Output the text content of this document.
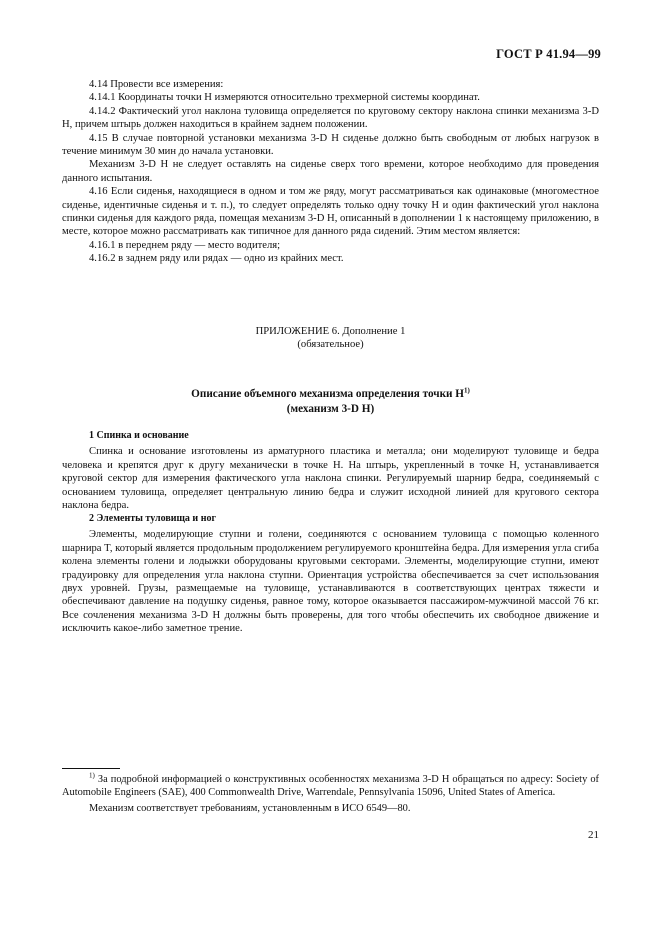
ГОСТ Р 41.94—99

4.14 Провести все измерения:

4.14.1 Координаты точки H измеряются относительно трехмерной системы координат.

4.14.2 Фактический угол наклона туловища определяется по круговому сектору наклона спинки механизма 3-D H, причем штырь должен находиться в крайнем заднем положении.

4.15 В случае повторной установки механизма 3-D H сиденье должно быть свободным от любых нагрузок в течение минимум 30 мин до начала установки.

Механизм 3-D H не следует оставлять на сиденье сверх того времени, которое необходимо для проведения данного испытания.

4.16 Если сиденья, находящиеся в одном и том же ряду, могут рассматриваться как одинаковые (многоместное сиденье, идентичные сиденья и т. п.), то следует определять только одну точку H и один фактический угол наклона спинки сиденья для каждого ряда, помещая механизм 3-D H, описанный в дополнении 1 к настоящему приложению, в месте, которое можно рассматривать как типичное для данного ряда сидений. Этим местом является:

4.16.1 в переднем ряду — место водителя;

4.16.2 в заднем ряду или рядах — одно из крайних мест.

ПРИЛОЖЕНИЕ 6. Дополнение 1
(обязательное)
Описание объемного механизма определения точки $H^{1)}$
(механизм 3-D H)

1 Спинка и основание

Спинка и основание изготовлены из арматурного пластика и металла; они моделируют туловище и бедра человека и крепятся друг к другу механически в точке H. На штырь, укрепленный в точке H, устанавливается круговой сектор для измерения фактического угла наклона спинки. Регулируемый шарнир бедра, соединяемый с основанием туловища, определяет центральную линию бедра и служит исходной линией для кругового сектора наклона бедра.

2 Элементы туловища и ног

Элементы, моделирующие ступни и голени, соединяются с основанием туловища с помощью коленного шарнира T, который является продольным продолжением регулируемого кронштейна бедра. Для измерения угла сгиба колена элементы голени и лодыжки оборудованы круговыми секторами. Элементы, моделирующие ступни, имеют градуировку для определения угла наклона ступни. Ориентация устройства обеспечивается за счет использования двух уровней. Грузы, размещаемые на туловище, устанавливаются в соответствующих центрах тяжести и обеспечивают давление на подушку сиденья, равное тому, которое оказывается пассажиром-мужчиной массой 76 кг. Все сочленения механизма 3-D H должны быть проверены, для того чтобы обеспечить их свободное движение и исключить какое-либо заметное трение.

$^{1)}$ За подробной информацией о конструктивных особенностях механизма 3-D H обращаться по адресу: Society of Automobile Engineers (SAE), 400 Commonwealth Drive, Warrendale, Pennsylvania 15096, United States of America.

Механизм соответствует требованиям, установленным в ИСО 6549—80.

21
